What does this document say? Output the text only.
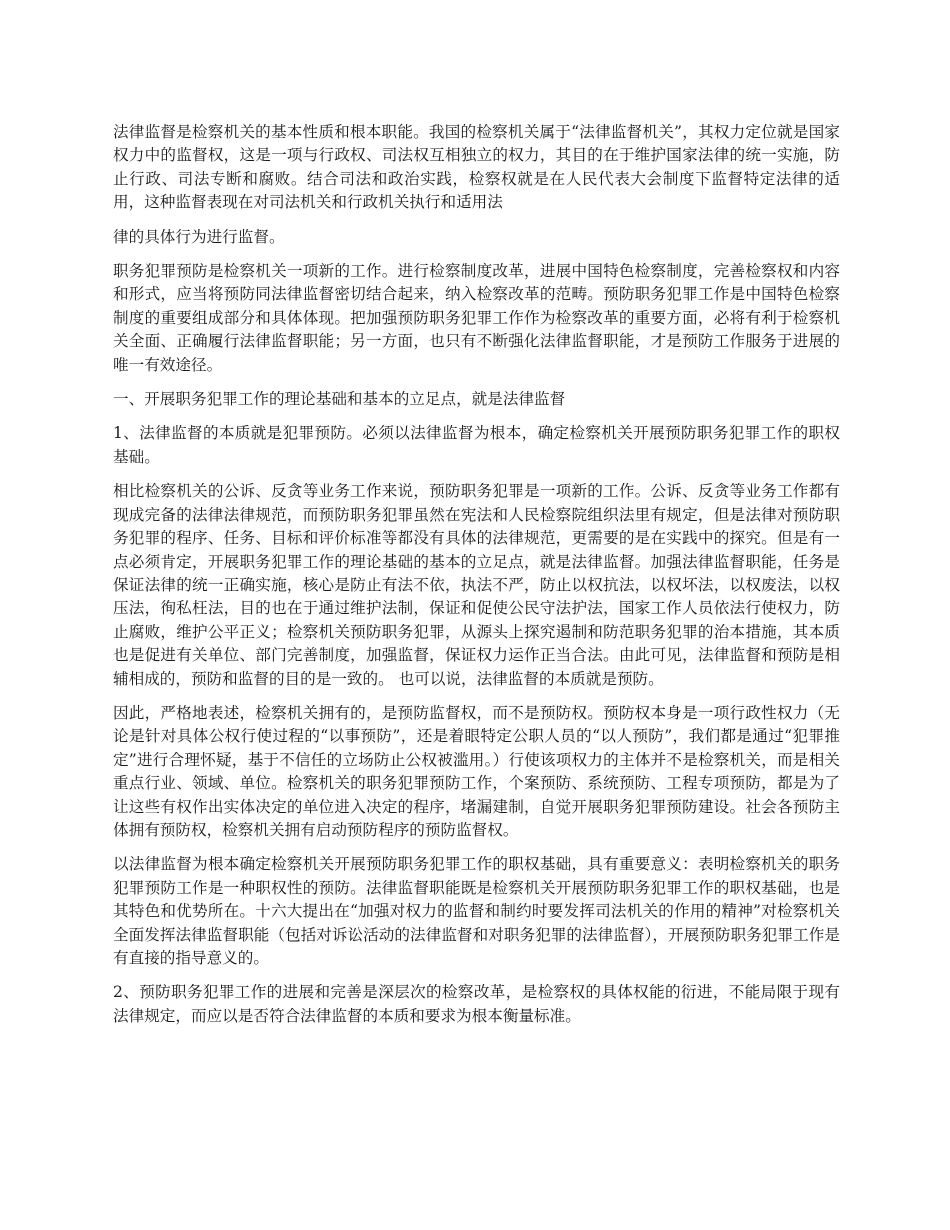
法律监督是检察机关的基本性质和根本职能。我国的检察机关属于“法律监督机关”，其权力定位就是国家权力中的监督权，这是一项与行政权、司法权互相独立的权力，其目的在于维护国家法律的统一实施，防止行政、司法专断和腐败。结合司法和政治实践，检察权就是在人民代表大会制度下监督特定法律的适用，这种监督表现在对司法机关和行政机关执行和适用法

律的具体行为进行监督。

职务犯罪预防是检察机关一项新的工作。进行检察制度改革，进展中国特色检察制度，完善检察权和内容和形式，应当将预防同法律监督密切结合起来，纳入检察改革的范畴。预防职务犯罪工作是中国特色检察制度的重要组成部分和具体体现。把加强预防职务犯罪工作作为检察改革的重要方面，必将有利于检察机关全面、正确履行法律监督职能；另一方面，也只有不断强化法律监督职能，才是预防工作服务于进展的唯一有效途径。

一、开展职务犯罪工作的理论基础和基本的立足点，就是法律监督

1、法律监督的本质就是犯罪预防。必须以法律监督为根本，确定检察机关开展预防职务犯罪工作的职权基础。

相比检察机关的公诉、反贪等业务工作来说，预防职务犯罪是一项新的工作。公诉、反贪等业务工作都有现成完备的法律法律规范，而预防职务犯罪虽然在宪法和人民检察院组织法里有规定，但是法律对预防职务犯罪的程序、任务、目标和评价标准等都没有具体的法律规范，更需要的是在实践中的探究。但是有一点必须肯定，开展职务犯罪工作的理论基础的基本的立足点，就是法律监督。加强法律监督职能，任务是保证法律的统一正确实施，核心是防止有法不依，执法不严，防止以权抗法，以权坏法，以权废法，以权压法，徇私枉法，目的也在于通过维护法制，保证和促使公民守法护法，国家工作人员依法行使权力，防止腐败，维护公平正义；检察机关预防职务犯罪，从源头上探究遏制和防范职务犯罪的治本措施，其本质也是促进有关单位、部门完善制度，加强监督，保证权力运作正当合法。由此可见，法律监督和预防是相辅相成的，预防和监督的目的是一致的。 也可以说，法律监督的本质就是预防。

因此，严格地表述，检察机关拥有的，是预防监督权，而不是预防权。预防权本身是一项行政性权力（无论是针对具体公权行使过程的“以事预防”，还是着眼特定公职人员的“以人预防”，我们都是通过“犯罪推定”进行合理怀疑，基于不信任的立场防止公权被滥用。）行使该项权力的主体并不是检察机关，而是相关重点行业、领域、单位。检察机关的职务犯罪预防工作，个案预防、系统预防、工程专项预防，都是为了让这些有权作出实体决定的单位进入决定的程序，堵漏建制，自觉开展职务犯罪预防建设。社会各预防主体拥有预防权，检察机关拥有启动预防程序的预防监督权。

以法律监督为根本确定检察机关开展预防职务犯罪工作的职权基础，具有重要意义：表明检察机关的职务犯罪预防工作是一种职权性的预防。法律监督职能既是检察机关开展预防职务犯罪工作的职权基础，也是其特色和优势所在。十六大提出在“加强对权力的监督和制约时要发挥司法机关的作用的精神”对检察机关全面发挥法律监督职能（包括对诉讼活动的法律监督和对职务犯罪的法律监督），开展预防职务犯罪工作是有直接的指导意义的。

2、预防职务犯罪工作的进展和完善是深层次的检察改革，是检察权的具体权能的衍进，不能局限于现有法律规定，而应以是否符合法律监督的本质和要求为根本衡量标准。
